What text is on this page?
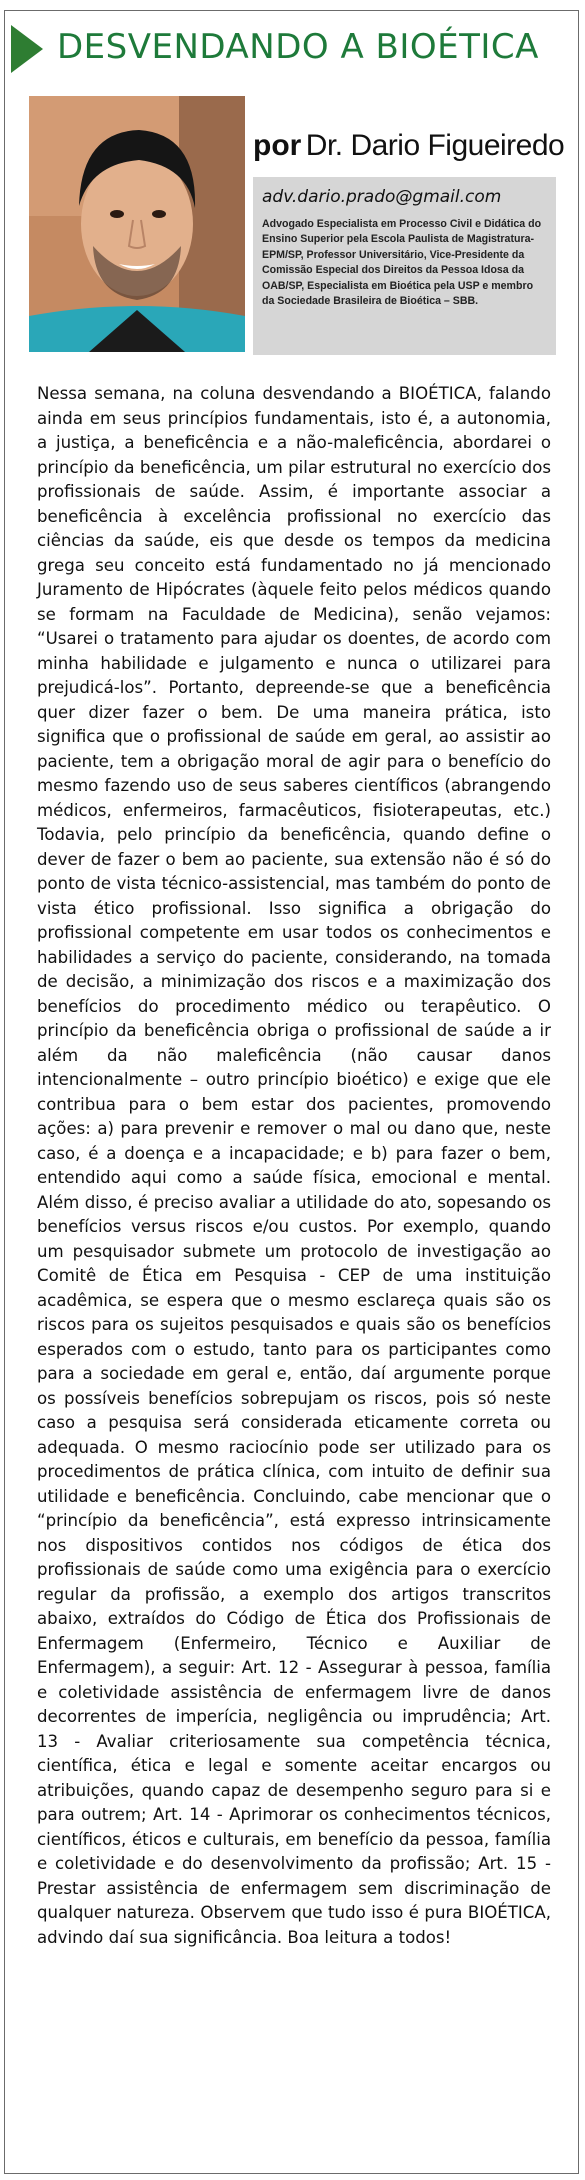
DESVENDANDO A BIOÉTICA
por Dr. Dario Figueiredo

adv.dario.prado@gmail.com

Advogado Especialista em Processo Civil e Didática do Ensino Superior pela Escola Paulista de Magistratura-EPM/SP, Professor Universitário, Vice-Presidente da Comissão Especial dos Direitos da Pessoa Idosa da OAB/SP, Especialista em Bioética pela USP e membro da Sociedade Brasileira de Bioética – SBB.

Nessa semana, na coluna desvendando a BIOÉTICA, falando ainda em seus princípios fundamentais, isto é, a autonomia, a justiça, a beneficência e a não-maleficência, abordarei o princípio da beneficência, um pilar estrutural no exercício dos profissionais de saúde. Assim, é importante associar a beneficência à excelência profissional no exercício das ciências da saúde, eis que desde os tempos da medicina grega seu conceito está fundamentado no já mencionado Juramento de Hipócrates (àquele feito pelos médicos quando se formam na Faculdade de Medicina), senão vejamos: “Usarei o tratamento para ajudar os doentes, de acordo com minha habilidade e julgamento e nunca o utilizarei para prejudicá-los”. Portanto, depreende-se que a beneficência quer dizer fazer o bem. De uma maneira prática, isto significa que o profissional de saúde em geral, ao assistir ao paciente, tem a obrigação moral de agir para o benefício do mesmo fazendo uso de seus saberes científicos (abrangendo médicos, enfermeiros, farmacêuticos, fisioterapeutas, etc.) Todavia, pelo princípio da beneficência, quando define o dever de fazer o bem ao paciente, sua extensão não é só do ponto de vista técnico-assistencial, mas também do ponto de vista ético profissional. Isso significa a obrigação do profissional competente em usar todos os conhecimentos e habilidades a serviço do paciente, considerando, na tomada de decisão, a minimização dos riscos e a maximização dos benefícios do procedimento médico ou terapêutico. O princípio da beneficência obriga o profissional de saúde a ir além da não maleficência (não causar danos intencionalmente – outro princípio bioético) e exige que ele contribua para o bem estar dos pacientes, promovendo ações: a) para prevenir e remover o mal ou dano que, neste caso, é a doença e a incapacidade; e b) para fazer o bem, entendido aqui como a saúde física, emocional e mental. Além disso, é preciso avaliar a utilidade do ato, sopesando os benefícios versus riscos e/ou custos. Por exemplo, quando um pesquisador submete um protocolo de investigação ao Comitê de Ética em Pesquisa - CEP de uma instituição acadêmica, se espera que o mesmo esclareça quais são os riscos para os sujeitos pesquisados e quais são os benefícios esperados com o estudo, tanto para os participantes como para a sociedade em geral e, então, daí argumente porque os possíveis benefícios sobrepujam os riscos, pois só neste caso a pesquisa será considerada eticamente correta ou adequada. O mesmo raciocínio pode ser utilizado para os procedimentos de prática clínica, com intuito de definir sua utilidade e beneficência. Concluindo, cabe mencionar que o “princípio da beneficência”, está expresso intrinsicamente nos dispositivos contidos nos códigos de ética dos profissionais de saúde como uma exigência para o exercício regular da profissão, a exemplo dos artigos transcritos abaixo, extraídos do Código de Ética dos Profissionais de Enfermagem (Enfermeiro, Técnico e Auxiliar de Enfermagem), a seguir: Art. 12 - Assegurar à pessoa, família e coletividade assistência de enfermagem livre de danos decorrentes de imperícia, negligência ou imprudência; Art. 13 - Avaliar criteriosamente sua competência técnica, científica, ética e legal e somente aceitar encargos ou atribuições, quando capaz de desempenho seguro para si e para outrem; Art. 14 - Aprimorar os conhecimentos técnicos, científicos, éticos e culturais, em benefício da pessoa, família e coletividade e do desenvolvimento da profissão; Art. 15 - Prestar assistência de enfermagem sem discriminação de qualquer natureza. Observem que tudo isso é pura BIOÉTICA, advindo daí sua significância. Boa leitura a todos!
